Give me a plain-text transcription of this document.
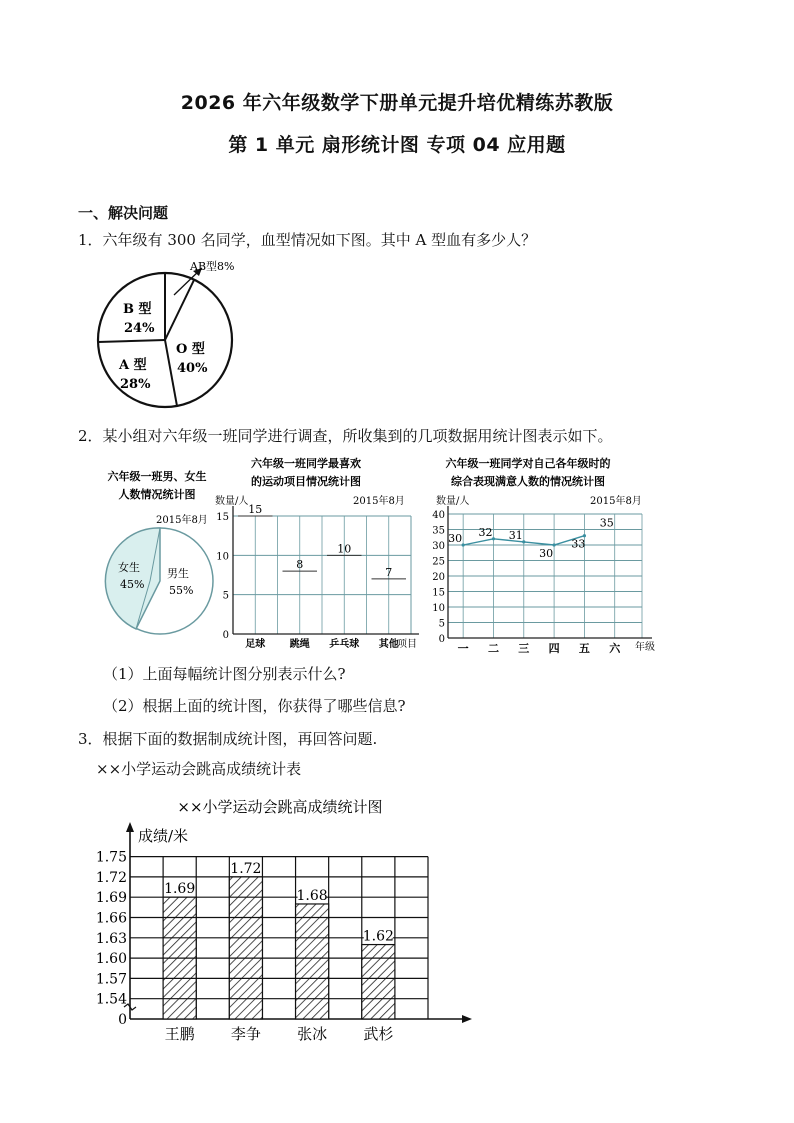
2026 年六年级数学下册单元提升培优精练苏教版
第 1 单元 扇形统计图 专项 04 应用题
一、解决问题
1．六年级有 300 名同学，血型情况如下图。其中 A 型血有多少人？
AB型8%
B 型
24%
A 型
28%
O 型
40%
2．某小组对六年级一班同学进行调查，所收集到的几项数据用统计图表示如下。
六年级一班男、女生
人数情况统计图
2015年8月
女生
45%
男生
55%
六年级一班同学最喜欢
的运动项目情况统计图
数量/人	2015年8月
项目
0
5
10
15
15
足球
8
跳绳
10
乒乓球
7
其他
六年级一班同学对自己各年级时的
综合表现满意人数的情况统计图
数量/人	2015年8月
年级
0
5
10
15
20
25
30
35
40
30 32 31
30
33
35
一 二 三 四 五 六
（1）上面每幅统计图分别表示什么?
（2）根据上面的统计图，你获得了哪些信息?
3．根据下面的数据制成统计图，再回答问题.
××小学运动会跳高成绩统计表
××小学运动会跳高成绩统计图
成绩/米
0
1.54
1.57
1.60
1.63
1.66
1.69
1.72
1.75
1.69
王鹏
1.72
李争
1.68
张冰
1.62
武杉
